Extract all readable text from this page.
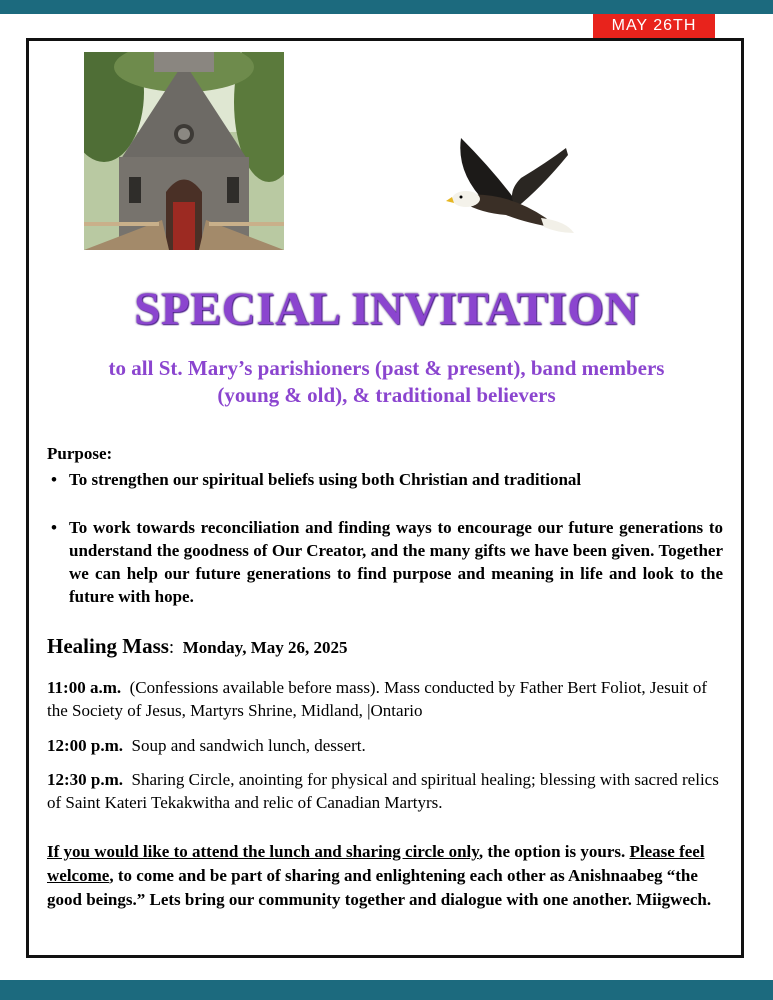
MAY 26TH
SPECIAL INVITATION
to all St. Mary’s parishioners (past & present), band members
(young & old), & traditional believers
Purpose:
• To strengthen our spiritual beliefs using both Christian and traditional
• To work towards reconciliation and finding ways to encourage our future generations to understand the goodness of Our Creator, and the many gifts we have been given. Together we can help our future generations to find purpose and meaning in life and look to the future with hope.
Healing Mass: Monday, May 26, 2025
11:00 a.m. (Confessions available before mass). Mass conducted by Father Bert Foliot, Jesuit of the Society of Jesus, Martyrs Shrine, Midland, |Ontario
12:00 p.m. Soup and sandwich lunch, dessert.
12:30 p.m. Sharing Circle, anointing for physical and spiritual healing; blessing with sacred relics of Saint Kateri Tekakwitha and relic of Canadian Martyrs.
If you would like to attend the lunch and sharing circle only, the option is yours. Please feel welcome, to come and be part of sharing and enlightening each other as Anishnaabeg “the good beings.” Lets bring our community together and dialogue with one another. Miigwech.
